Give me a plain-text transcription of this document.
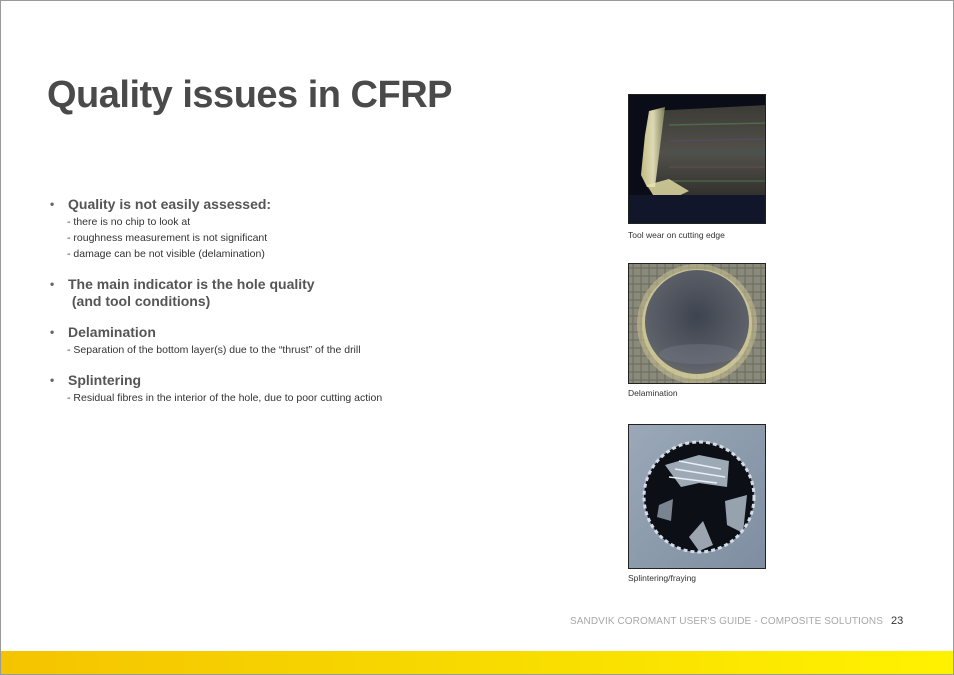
Quality issues in CFRP
• Quality is not easily assessed:
- there is no chip to look at
- roughness measurement is not significant
- damage can be not visible (delamination)
• The main indicator is the hole quality
(and tool conditions)
• Delamination
- Separation of the bottom layer(s) due to the “thrust” of the drill
• Splintering
- Residual fibres in the interior of the hole, due to poor cutting action
Tool wear on cutting edge
Delamination
Splintering/fraying
SANDVIK COROMANT USER'S GUIDE - COMPOSITE SOLUTIONS 23
